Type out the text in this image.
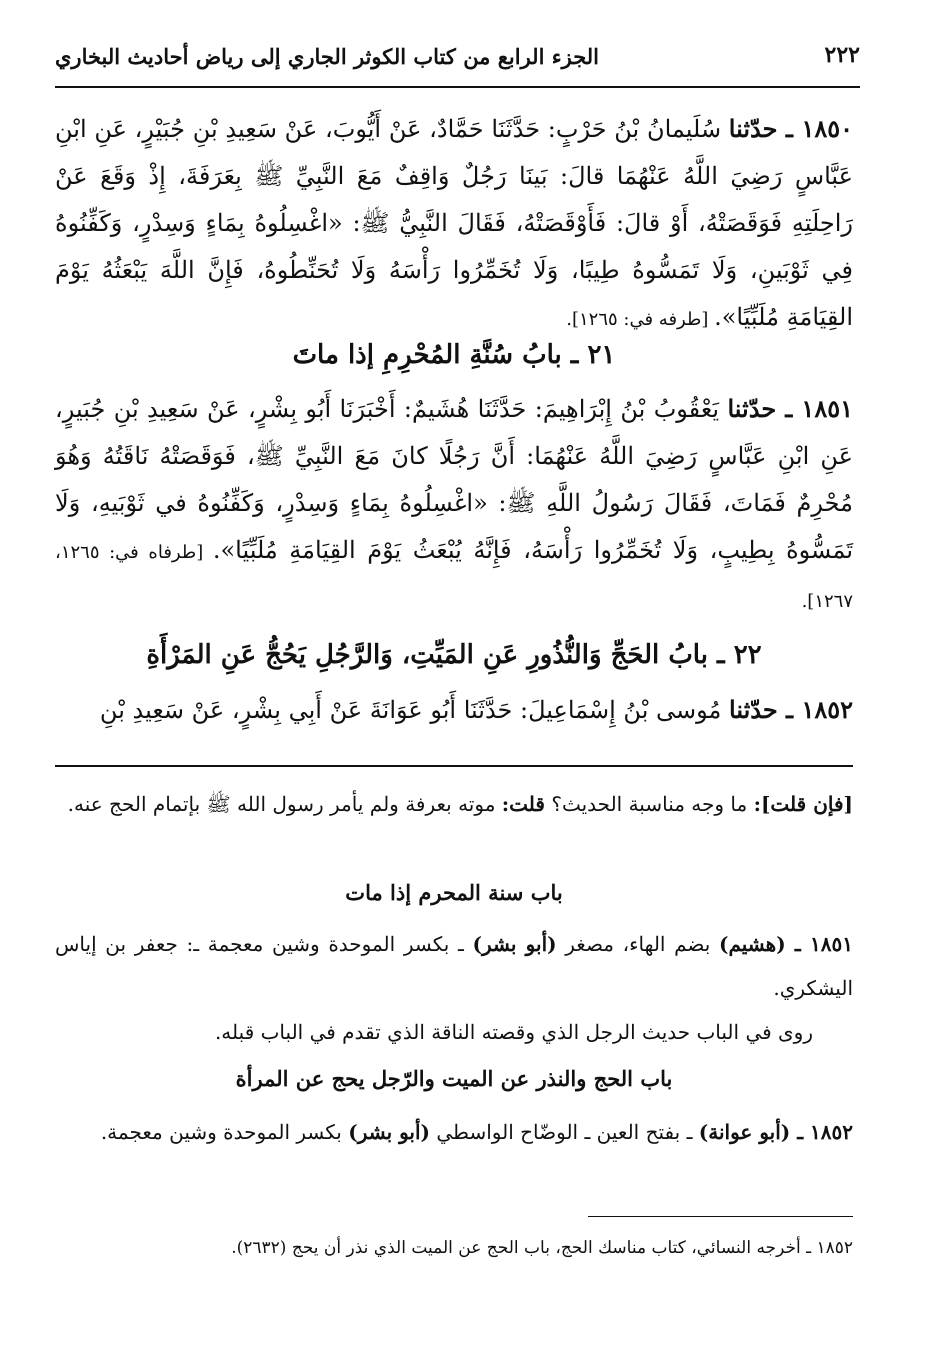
الجزء الرابع من كتاب الكوثر الجاري إلى رياض أحاديث البخاري	٢٢٢
١٨٥٠ ـ حدّثنا سُلَيمانُ بْنُ حَرْبٍ: حَدَّثَنَا حَمَّادٌ، عَنْ أَيُّوبَ، عَنْ سَعِيدِ بْنِ جُبَيْرٍ، عَنِ ابْنِ عَبَّاسٍ رَضِيَ اللَّهُ عَنْهُمَا قالَ: بَينَا رَجُلٌ وَاقِفٌ مَعَ النَّبِيِّ ﷺ بِعَرَفَةَ، إِذْ وَقَعَ عَنْ رَاحِلَتِهِ فَوَقَصَتْهُ، أَوْ قالَ: فَأَوْقَصَتْهُ، فَقَالَ النَّبِيُّ ﷺ: «اغْسِلُوهُ بِمَاءٍ وَسِدْرٍ، وَكَفِّنُوهُ فِي ثَوْبَينِ، وَلَا تَمَسُّوهُ طِيبًا، وَلَا تُخَمِّرُوا رَأْسَهُ وَلَا تُحَنِّطُوهُ، فَإِنَّ اللَّهَ يَبْعَثُهُ يَوْمَ القِيَامَةِ مُلَبِّيًا». [طرفه في: ١٢٦٥].
٢١ ـ بابُ سُنَّةِ المُحْرِمِ إذا ماتَ
١٨٥١ ـ حدّثنا يَعْقُوبُ بْنُ إِبْرَاهِيمَ: حَدَّثَنَا هُشَيمٌ: أَخْبَرَنَا أَبُو بِشْرٍ، عَنْ سَعِيدِ بْنِ جُبَيرٍ، عَنِ ابْنِ عَبَّاسٍ رَضِيَ اللَّهُ عَنْهُمَا: أَنَّ رَجُلًا كانَ مَعَ النَّبِيِّ ﷺ، فَوَقَصَتْهُ نَاقَتُهُ وَهُوَ مُحْرِمٌ فَمَاتَ، فَقَالَ رَسُولُ اللَّهِ ﷺ: «اغْسِلُوهُ بِمَاءٍ وَسِدْرٍ، وَكَفِّنُوهُ في ثَوْبَيهِ، وَلَا تَمَسُّوهُ بِطِيبٍ، وَلَا تُخَمِّرُوا رَأْسَهُ، فَإِنَّهُ يُبْعَثُ يَوْمَ القِيَامَةِ مُلَبِّيًا». [طرفاه في: ١٢٦٥، ١٢٦٧].
٢٢ ـ بابُ الحَجِّ وَالنُّذُورِ عَنِ المَيِّتِ، وَالرَّجُلِ يَحُجُّ عَنِ المَرْأَةِ
١٨٥٢ ـ حدّثنا مُوسى بْنُ إِسْمَاعِيلَ: حَدَّثَنَا أَبُو عَوَانَةَ عَنْ أَبِي بِشْرٍ، عَنْ سَعِيدِ بْنِ
[فإن قلت]: ما وجه مناسبة الحديث؟ قلت: موته بعرفة ولم يأمر رسول الله ﷺ بإتمام الحج عنه.
باب سنة المحرم إذا مات
١٨٥١ ـ (هشيم) بضم الهاء، مصغر (أبو بشر) ـ بكسر الموحدة وشين معجمة ـ: جعفر بن إياس اليشكري.
روى في الباب حديث الرجل الذي وقصته الناقة الذي تقدم في الباب قبله.
باب الحج والنذر عن الميت والرّجل يحج عن المرأة
١٨٥٢ ـ (أبو عوانة) ـ بفتح العين ـ الوضّاح الواسطي (أبو بشر) بكسر الموحدة وشين معجمة.
١٨٥٢ ـ أخرجه النسائي، كتاب مناسك الحج، باب الحج عن الميت الذي نذر أن يحج (٢٦٣٢).
